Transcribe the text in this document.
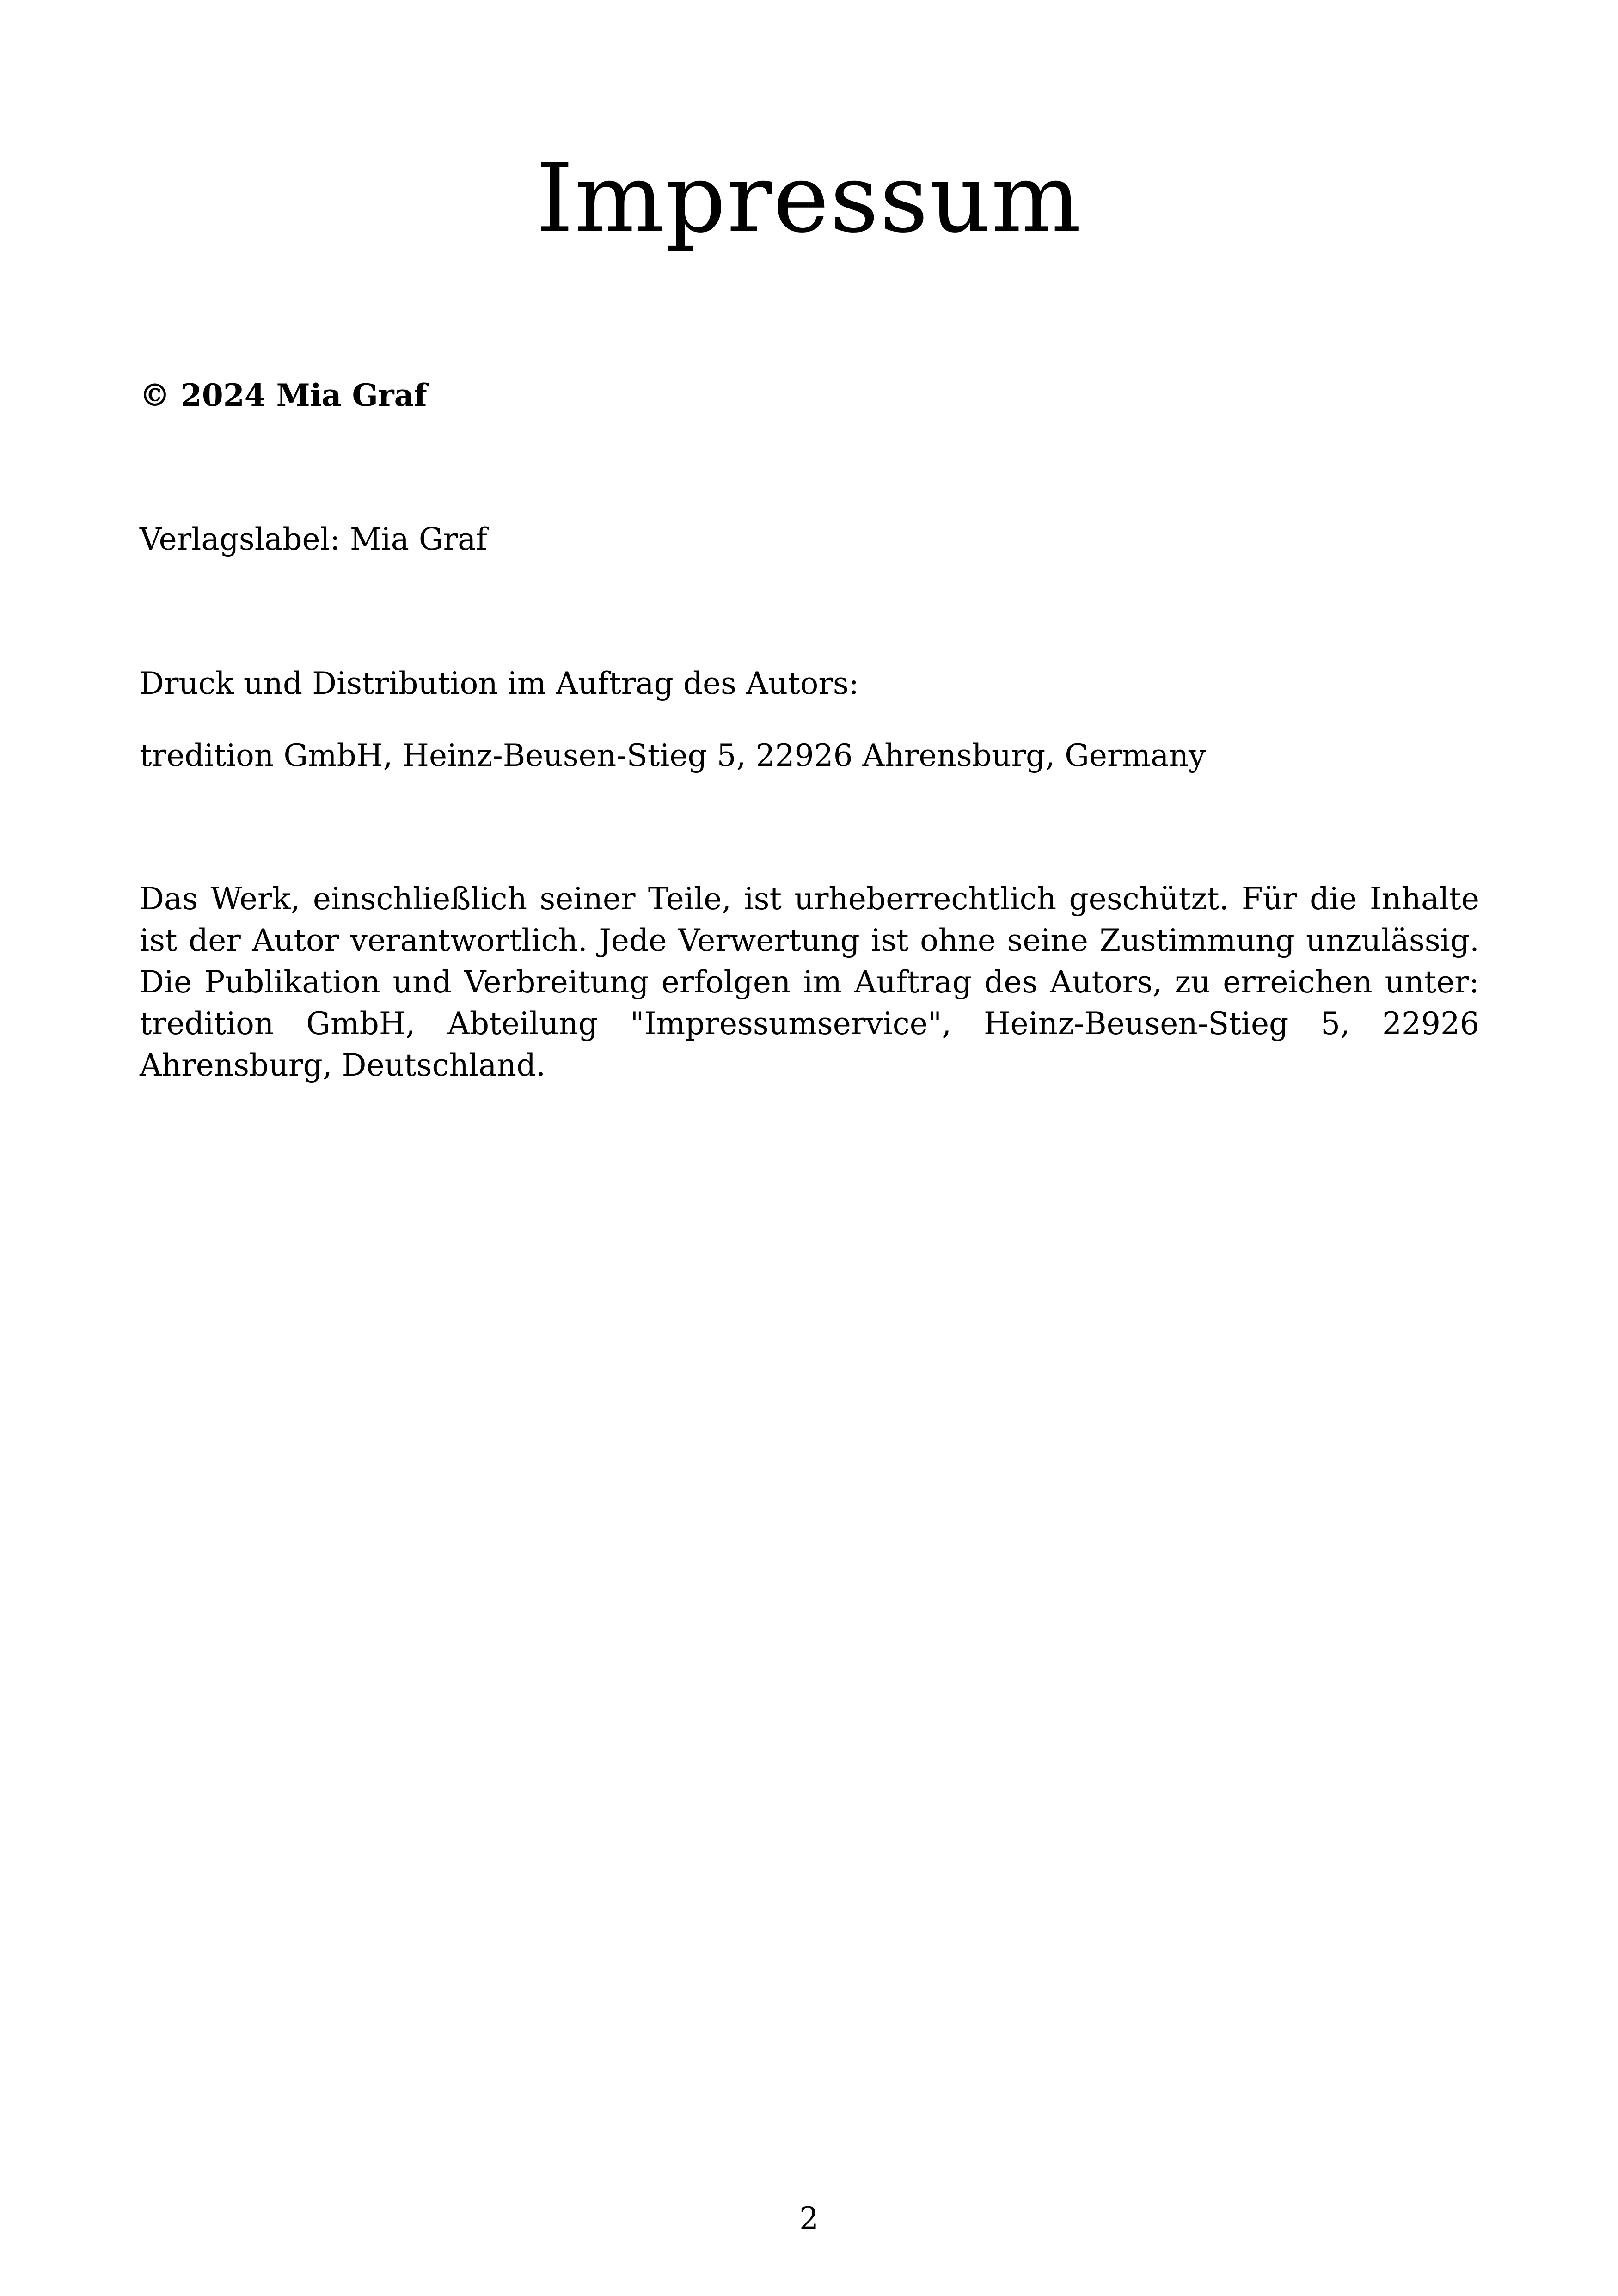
Impressum

© 2024 Mia Graf

Verlagslabel: Mia Graf

Druck und Distribution im Auftrag des Autors:

tredition GmbH, Heinz-Beusen-Stieg 5, 22926 Ahrensburg, Germany

Das Werk, einschließlich seiner Teile, ist urheberrechtlich geschützt. Für die Inhalte ist der Autor verantwortlich. Jede Verwertung ist ohne seine Zustimmung unzulässig. Die Publikation und Verbreitung erfolgen im Auftrag des Autors, zu erreichen unter: tredition GmbH, Abteilung "Impressumservice", Heinz-Beusen-Stieg 5, 22926 Ahrensburg, Deutschland.

2
